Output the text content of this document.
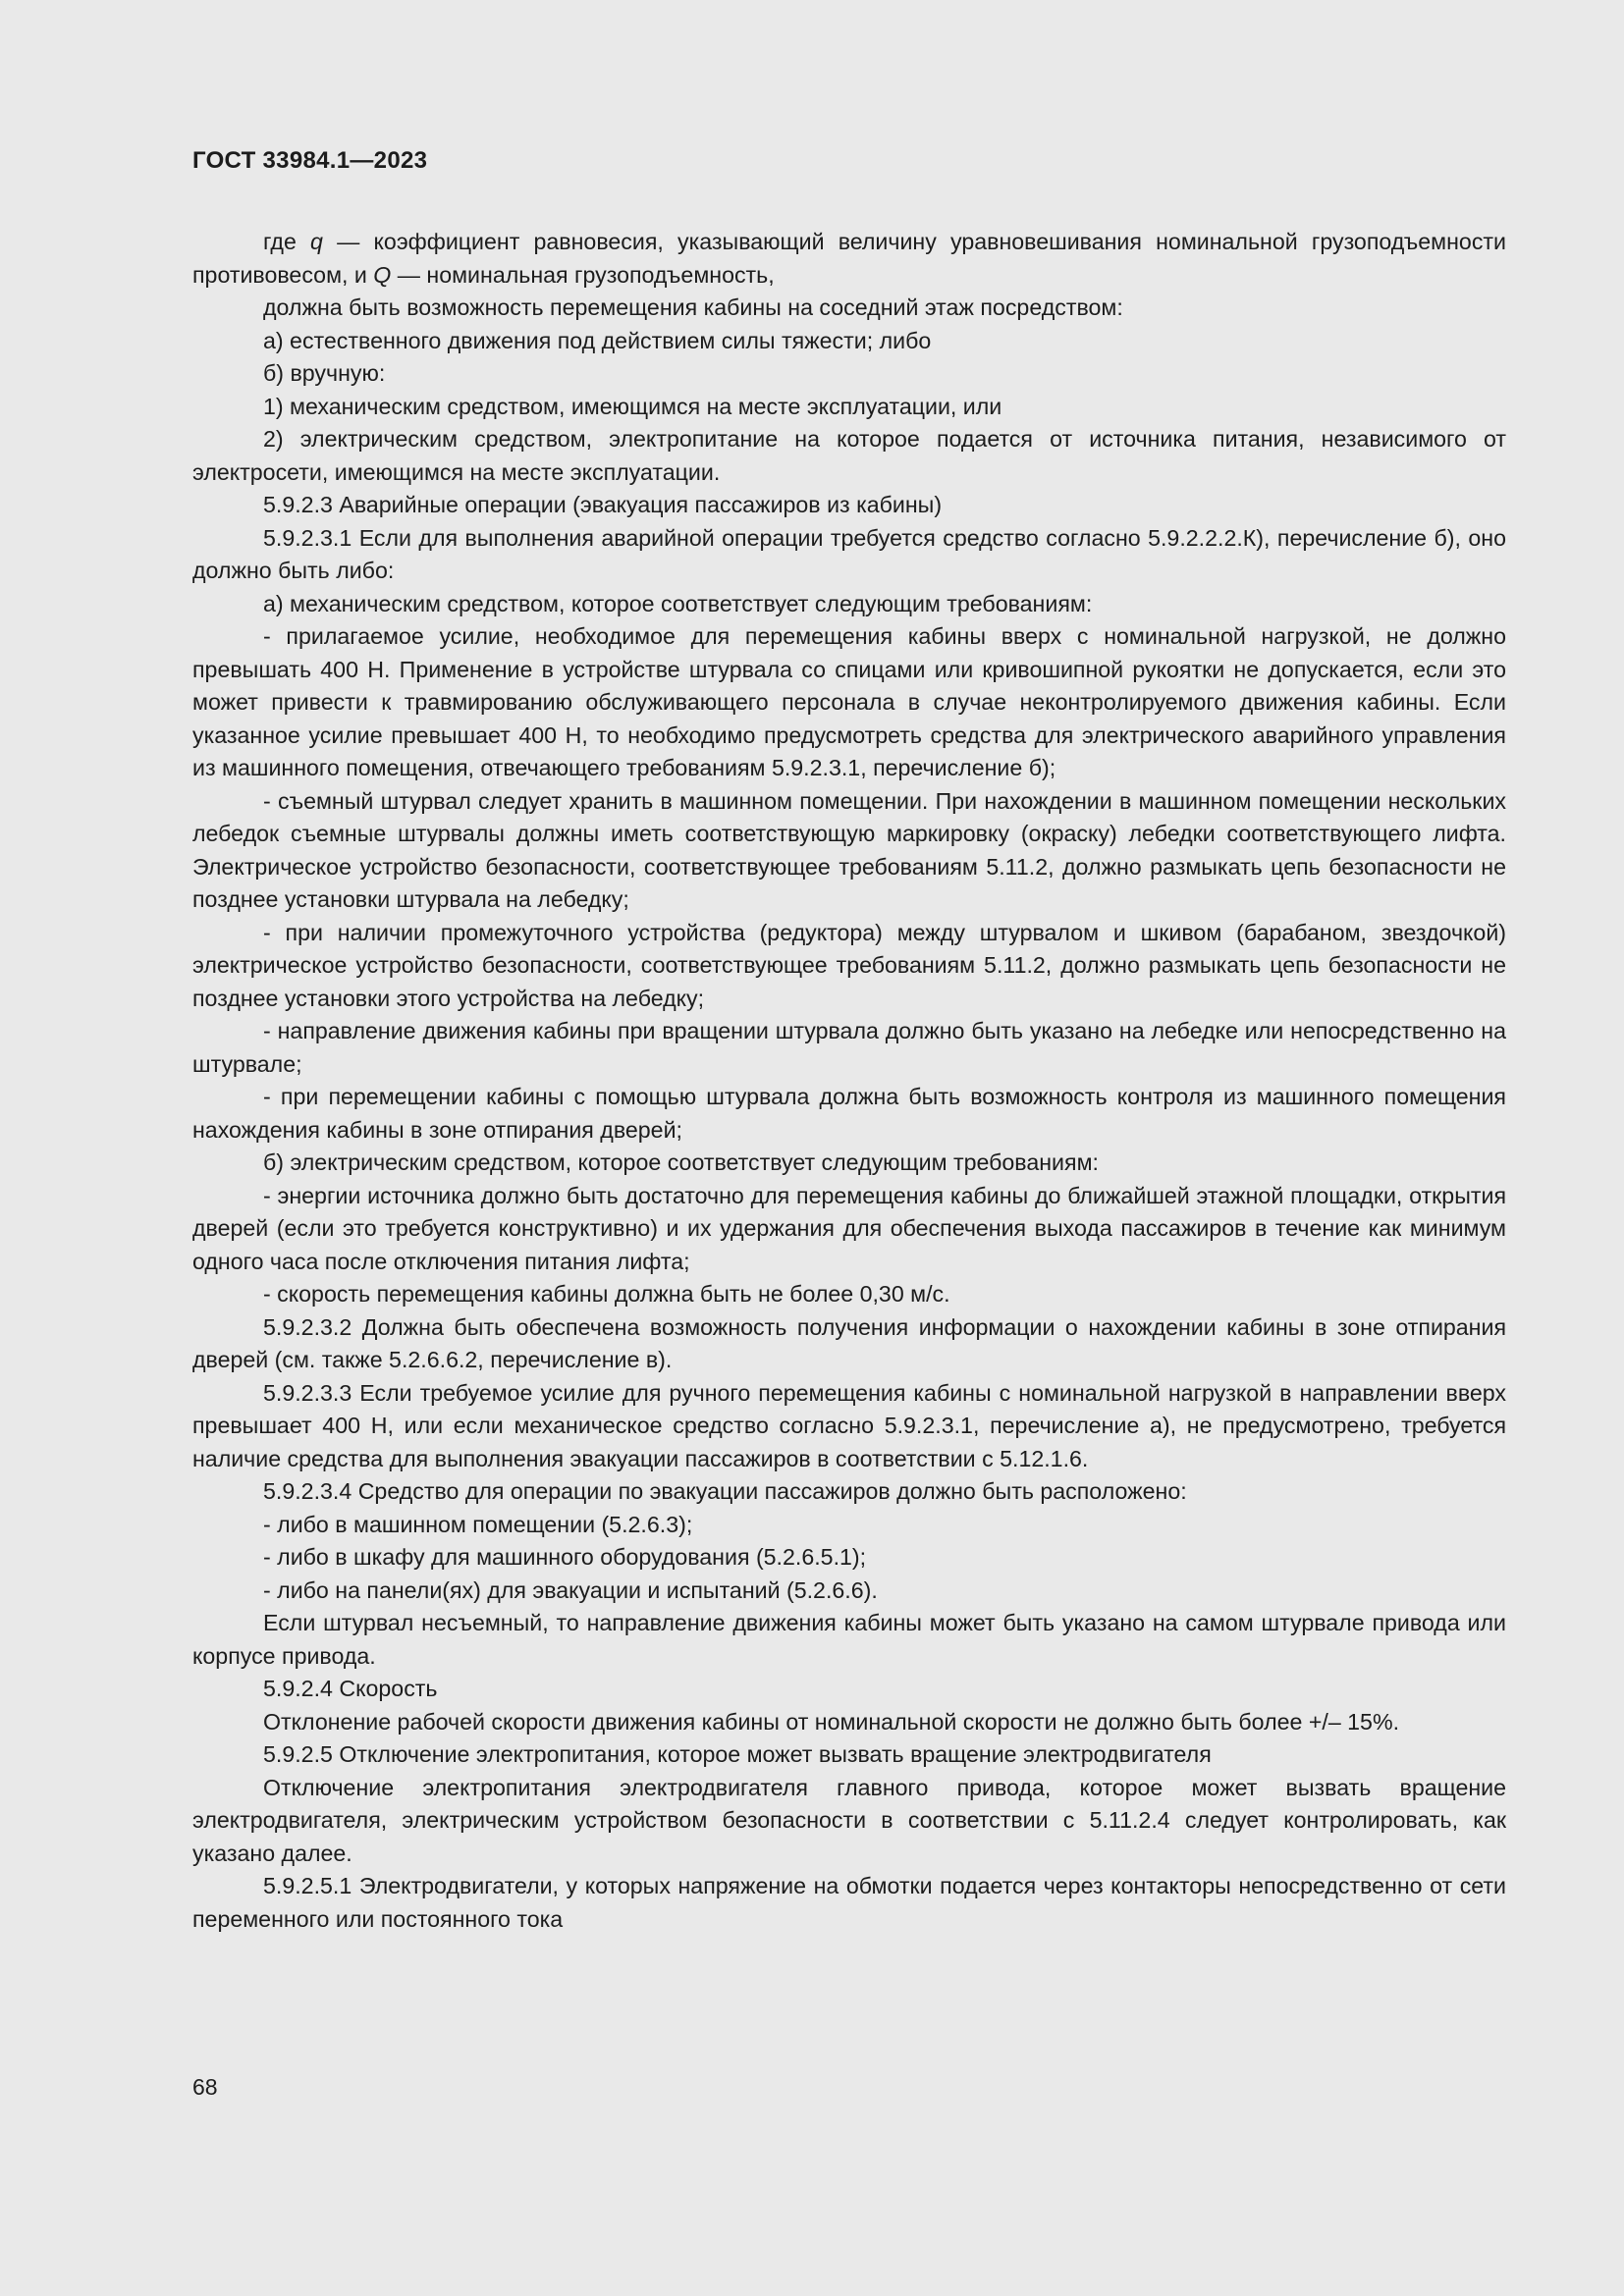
ГОСТ 33984.1—2023

где q — коэффициент равновесия, указывающий величину уравновешивания номинальной грузоподъемности противовесом, и Q — номинальная грузоподъемность,

должна быть возможность перемещения кабины на соседний этаж посредством:

а) естественного движения под действием силы тяжести; либо

б) вручную:

1) механическим средством, имеющимся на месте эксплуатации, или

2) электрическим средством, электропитание на которое подается от источника питания, независимого от электросети, имеющимся на месте эксплуатации.

5.9.2.3 Аварийные операции (эвакуация пассажиров из кабины)

5.9.2.3.1 Если для выполнения аварийной операции требуется средство согласно 5.9.2.2.2.К), перечисление б), оно должно быть либо:

а) механическим средством, которое соответствует следующим требованиям:

- прилагаемое усилие, необходимое для перемещения кабины вверх с номинальной нагрузкой, не должно превышать 400 Н. Применение в устройстве штурвала со спицами или кривошипной рукоятки не допускается, если это может привести к травмированию обслуживающего персонала в случае неконтролируемого движения кабины. Если указанное усилие превышает 400 Н, то необходимо предусмотреть средства для электрического аварийного управления из машинного помещения, отвечающего требованиям 5.9.2.3.1, перечисление б);

- съемный штурвал следует хранить в машинном помещении. При нахождении в машинном помещении нескольких лебедок съемные штурвалы должны иметь соответствующую маркировку (окраску) лебедки соответствующего лифта. Электрическое устройство безопасности, соответствующее требованиям 5.11.2, должно размыкать цепь безопасности не позднее установки штурвала на лебедку;

- при наличии промежуточного устройства (редуктора) между штурвалом и шкивом (барабаном, звездочкой) электрическое устройство безопасности, соответствующее требованиям 5.11.2, должно размыкать цепь безопасности не позднее установки этого устройства на лебедку;

- направление движения кабины при вращении штурвала должно быть указано на лебедке или непосредственно на штурвале;

- при перемещении кабины с помощью штурвала должна быть возможность контроля из машинного помещения нахождения кабины в зоне отпирания дверей;

б) электрическим средством, которое соответствует следующим требованиям:

- энергии источника должно быть достаточно для перемещения кабины до ближайшей этажной площадки, открытия дверей (если это требуется конструктивно) и их удержания для обеспечения выхода пассажиров в течение как минимум одного часа после отключения питания лифта;

- скорость перемещения кабины должна быть не более 0,30 м/с.

5.9.2.3.2 Должна быть обеспечена возможность получения информации о нахождении кабины в зоне отпирания дверей (см. также 5.2.6.6.2, перечисление в).

5.9.2.3.3 Если требуемое усилие для ручного перемещения кабины с номинальной нагрузкой в направлении вверх превышает 400 Н, или если механическое средство согласно 5.9.2.3.1, перечисление а), не предусмотрено, требуется наличие средства для выполнения эвакуации пассажиров в соответствии с 5.12.1.6.

5.9.2.3.4 Средство для операции по эвакуации пассажиров должно быть расположено:

- либо в машинном помещении (5.2.6.3);

- либо в шкафу для машинного оборудования (5.2.6.5.1);

- либо на панели(ях) для эвакуации и испытаний (5.2.6.6).

Если штурвал несъемный, то направление движения кабины может быть указано на самом штурвале привода или корпусе привода.

5.9.2.4 Скорость

Отклонение рабочей скорости движения кабины от номинальной скорости не должно быть более +/– 15%.

5.9.2.5 Отключение электропитания, которое может вызвать вращение электродвигателя

Отключение электропитания электродвигателя главного привода, которое может вызвать вращение электродвигателя, электрическим устройством безопасности в соответствии с 5.11.2.4 следует контролировать, как указано далее.

5.9.2.5.1 Электродвигатели, у которых напряжение на обмотки подается через контакторы непосредственно от сети переменного или постоянного тока

68
